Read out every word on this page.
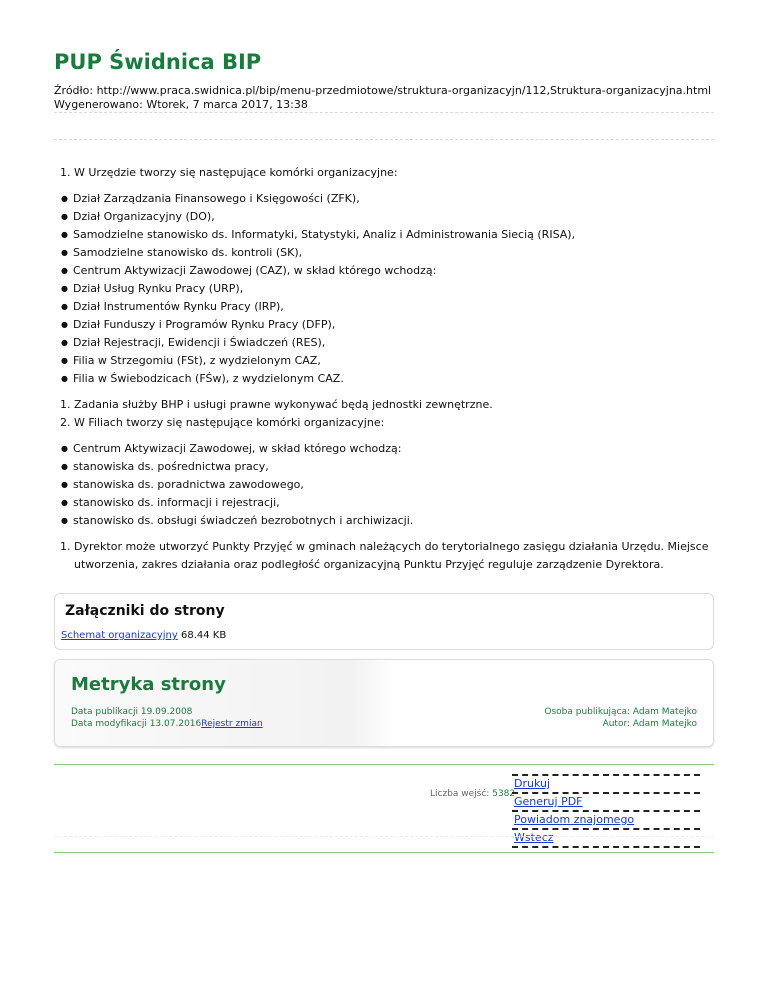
PUP Świdnica BIP
Źródło: http://www.praca.swidnica.pl/bip/menu-przedmiotowe/struktura-organizacyjn/112,Struktura-organizacyjna.html
Wygenerowano: Wtorek, 7 marca 2017, 13:38
1. W Urzędzie tworzy się następujące komórki organizacyjne:
● Dział Zarządzania Finansowego i Księgowości (ZFK),
● Dział Organizacyjny (DO),
● Samodzielne stanowisko ds. Informatyki, Statystyki, Analiz i Administrowania Siecią (RISA),
● Samodzielne stanowisko ds. kontroli (SK),
● Centrum Aktywizacji Zawodowej (CAZ), w skład którego wchodzą:
● Dział Usług Rynku Pracy (URP),
● Dział Instrumentów Rynku Pracy (IRP),
● Dział Funduszy i Programów Rynku Pracy (DFP),
● Dział Rejestracji, Ewidencji i Świadczeń (RES),
● Filia w Strzegomiu (FSt), z wydzielonym CAZ,
● Filia w Świebodzicach (FŚw), z wydzielonym CAZ.
1. Zadania służby BHP i usługi prawne wykonywać będą jednostki zewnętrzne.
2. W Filiach tworzy się następujące komórki organizacyjne:
● Centrum Aktywizacji Zawodowej, w skład którego wchodzą:
● stanowiska ds. pośrednictwa pracy,
● stanowiska ds. poradnictwa zawodowego,
● stanowisko ds. informacji i rejestracji,
● stanowisko ds. obsługi świadczeń bezrobotnych i archiwizacji.
1. Dyrektor może utworzyć Punkty Przyjęć w gminach należących do terytorialnego zasięgu działania Urzędu. Miejsce utworzenia, zakres działania oraz podległość organizacyjną Punktu Przyjęć reguluje zarządzenie Dyrektora.
Załączniki do strony
Schemat organizacyjny 68.44 KB
Metryka strony
Data publikacji 19.09.2008
Data modyfikacji 13.07.2016Rejestr zmian
Osoba publikująca: Adam Matejko
Autor: Adam Matejko
Liczba wejść: 5382
Drukuj
Generuj PDF
Powiadom znajomego
Wstecz
